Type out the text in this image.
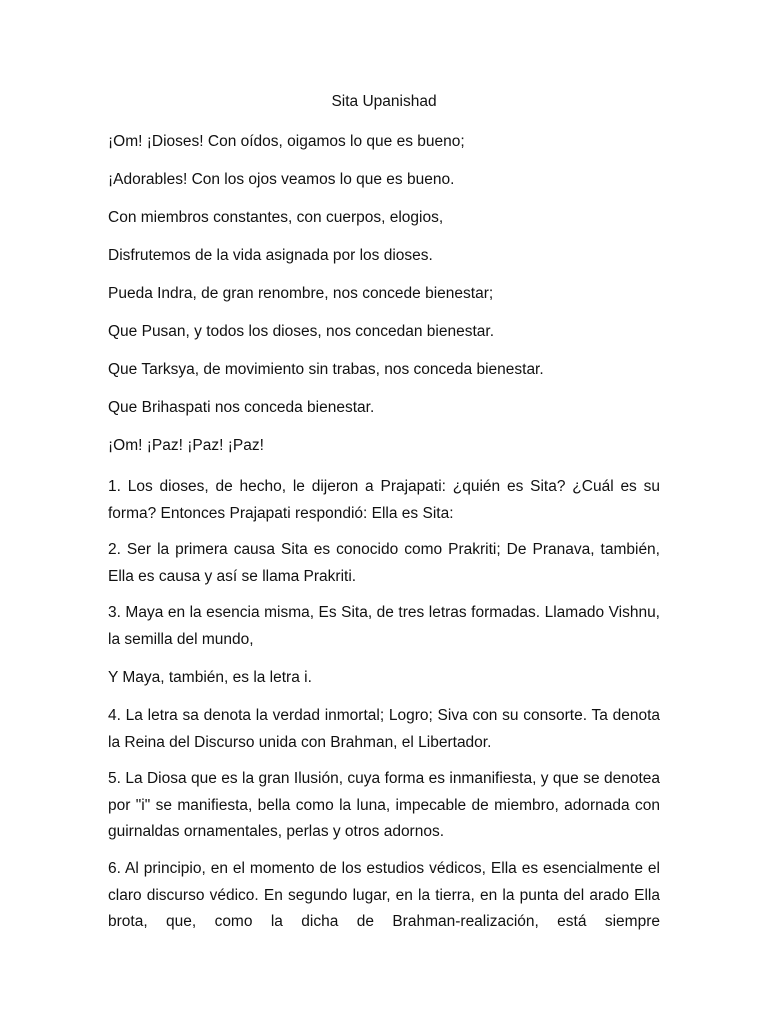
Sita Upanishad

¡Om! ¡Dioses! Con oídos, oigamos lo que es bueno;

¡Adorables! Con los ojos veamos lo que es bueno.

Con miembros constantes, con cuerpos, elogios,

Disfrutemos de la vida asignada por los dioses.

Pueda Indra, de gran renombre, nos concede bienestar;

Que Pusan, y todos los dioses, nos concedan bienestar.

Que Tarksya, de movimiento sin trabas, nos conceda bienestar.

Que Brihaspati nos conceda bienestar.

¡Om! ¡Paz! ¡Paz! ¡Paz!

1. Los dioses, de hecho, le dijeron a Prajapati: ¿quién es Sita? ¿Cuál es su forma? Entonces Prajapati respondió: Ella es Sita:

2. Ser la primera causa Sita es conocido como Prakriti; De Pranava, también, Ella es causa y así se llama Prakriti.

3. Maya en la esencia misma, Es Sita, de tres letras formadas. Llamado Vishnu, la semilla del mundo,

Y Maya, también, es la letra i.

4. La letra sa denota la verdad inmortal; Logro; Siva con su consorte. Ta denota la Reina del Discurso unida con Brahman, el Libertador.

5. La Diosa que es la gran Ilusión, cuya forma es inmanifiesta, y que se denotea por "i" se manifiesta, bella como la luna, impecable de miembro, adornada con guirnaldas ornamentales, perlas y otros adornos.

6. Al principio, en el momento de los estudios védicos, Ella es esencialmente el claro discurso védico. En segundo lugar, en la tierra, en la punta del arado Ella brota, que, como la dicha de Brahman-realización, está siempre
